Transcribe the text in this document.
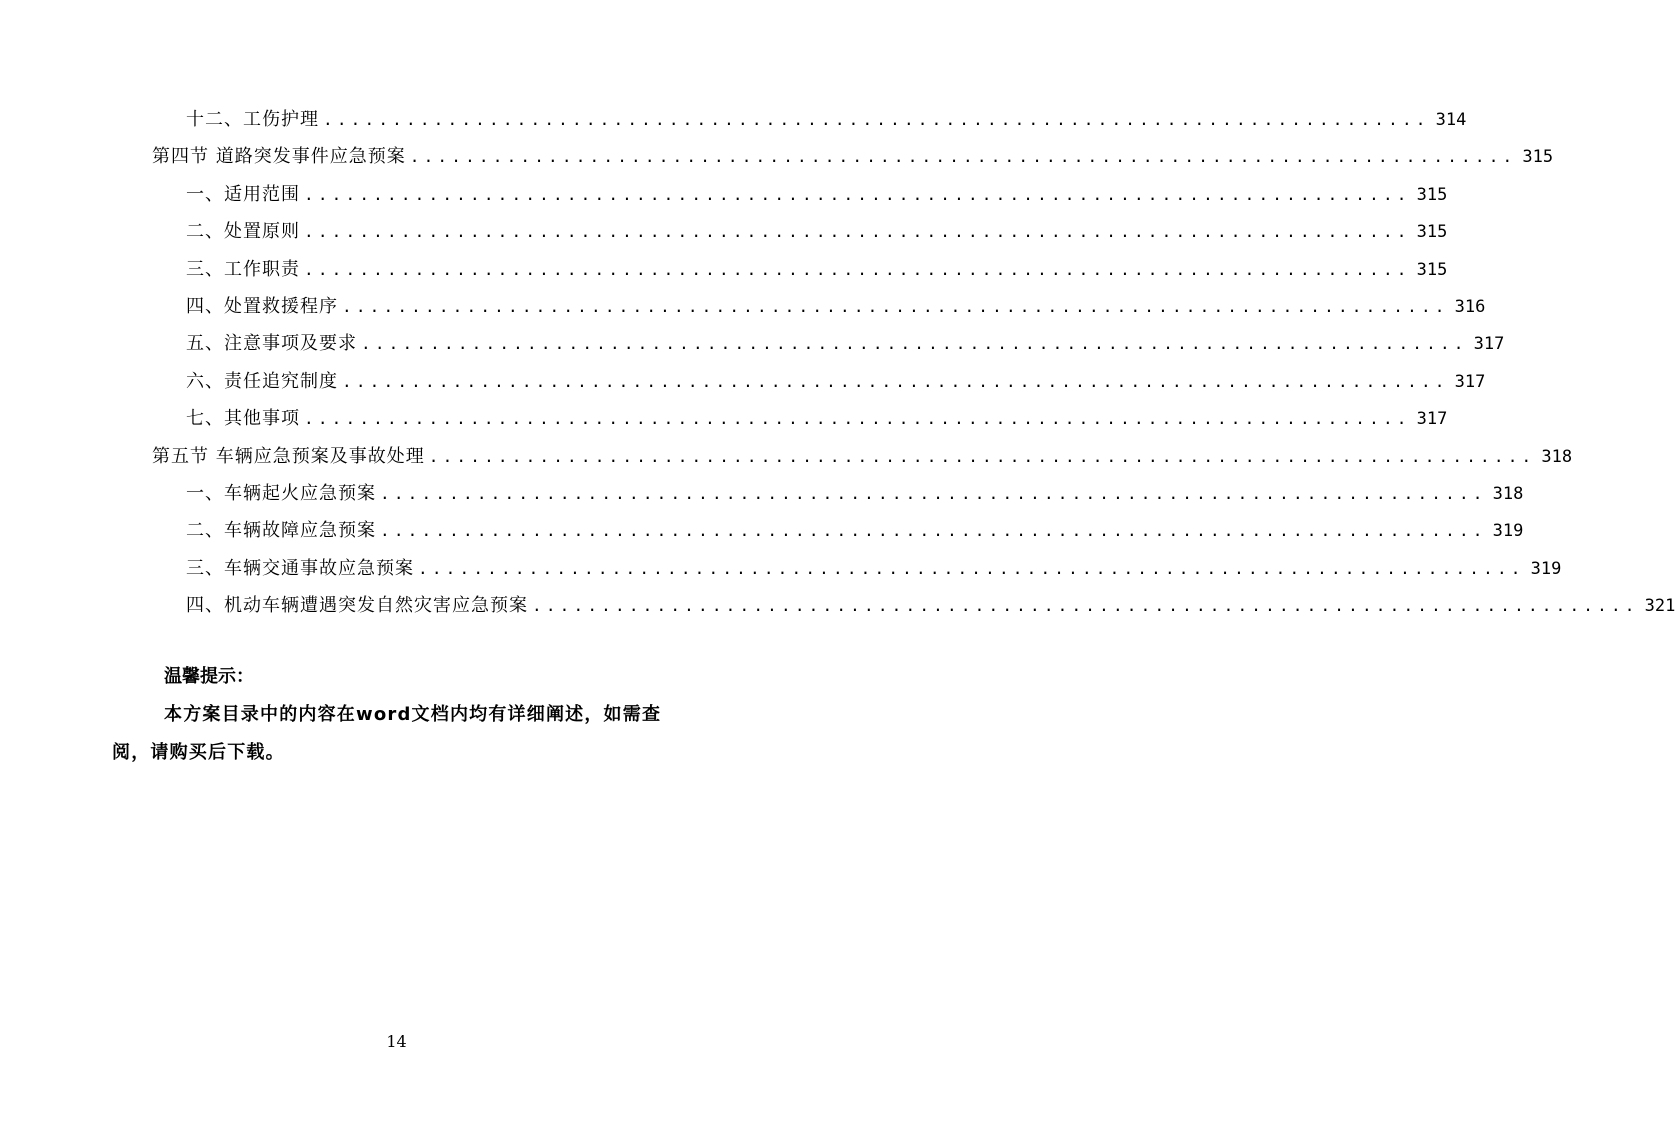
十二、工伤护理 ................................................................................ 314
第四节 道路突发事件应急预案 ................................................................................ 315
一、适用范围 ................................................................................ 315
二、处置原则 ................................................................................ 315
三、工作职责 ................................................................................ 315
四、处置救援程序 ................................................................................ 316
五、注意事项及要求 ................................................................................ 317
六、责任追究制度 ................................................................................ 317
七、其他事项 ................................................................................ 317
第五节 车辆应急预案及事故处理 ................................................................................ 318
一、车辆起火应急预案 ................................................................................ 318
二、车辆故障应急预案 ................................................................................ 319
三、车辆交通事故应急预案 ................................................................................ 319
四、机动车辆遭遇突发自然灾害应急预案 ................................................................................ 321
温馨提示：
本方案目录中的内容在word文档内均有详细阐述，如需查阅，请购买后下载。
14
